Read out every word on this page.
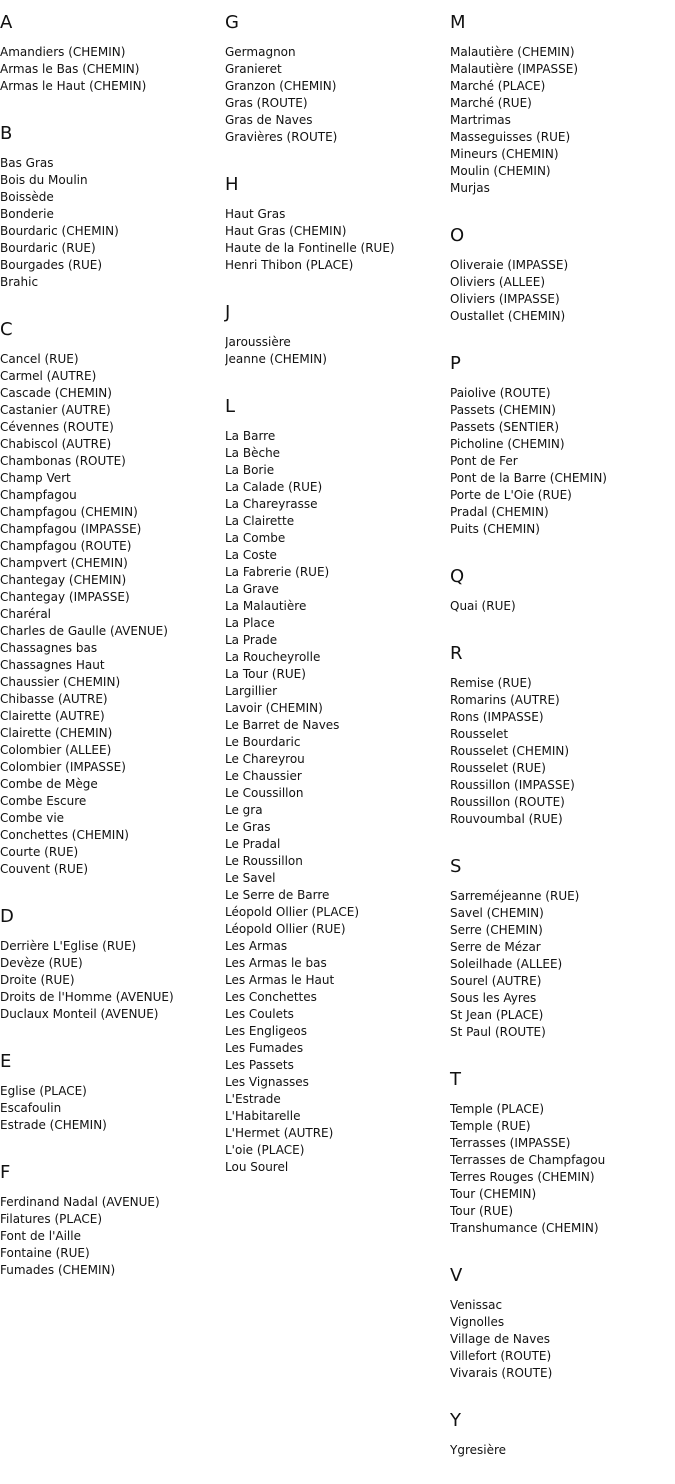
A
Amandiers (CHEMIN)
Armas le Bas (CHEMIN)
Armas le Haut (CHEMIN)
B
Bas Gras
Bois du Moulin
Boissède
Bonderie
Bourdaric (CHEMIN)
Bourdaric (RUE)
Bourgades (RUE)
Brahic
C
Cancel (RUE)
Carmel (AUTRE)
Cascade (CHEMIN)
Castanier (AUTRE)
Cévennes (ROUTE)
Chabiscol (AUTRE)
Chambonas (ROUTE)
Champ Vert
Champfagou
Champfagou (CHEMIN)
Champfagou (IMPASSE)
Champfagou (ROUTE)
Champvert (CHEMIN)
Chantegay (CHEMIN)
Chantegay (IMPASSE)
Charéral
Charles de Gaulle (AVENUE)
Chassagnes bas
Chassagnes Haut
Chaussier (CHEMIN)
Chibasse (AUTRE)
Clairette (AUTRE)
Clairette (CHEMIN)
Colombier (ALLEE)
Colombier (IMPASSE)
Combe de Mège
Combe Escure
Combe vie
Conchettes (CHEMIN)
Courte (RUE)
Couvent (RUE)
D
Derrière L'Eglise (RUE)
Devèze (RUE)
Droite (RUE)
Droits de l'Homme (AVENUE)
Duclaux Monteil (AVENUE)
E
Eglise (PLACE)
Escafoulin
Estrade (CHEMIN)
F
Ferdinand Nadal (AVENUE)
Filatures (PLACE)
Font de l'Aille
Fontaine (RUE)
Fumades (CHEMIN)
G
Germagnon
Granieret
Granzon (CHEMIN)
Gras (ROUTE)
Gras de Naves
Gravières (ROUTE)
H
Haut Gras
Haut Gras (CHEMIN)
Haute de la Fontinelle (RUE)
Henri Thibon (PLACE)
J
Jaroussière
Jeanne (CHEMIN)
L
La Barre
La Bèche
La Borie
La Calade (RUE)
La Chareyrasse
La Clairette
La Combe
La Coste
La Fabrerie (RUE)
La Grave
La Malautière
La Place
La Prade
La Roucheyrolle
La Tour (RUE)
Largillier
Lavoir (CHEMIN)
Le Barret de Naves
Le Bourdaric
Le Chareyrou
Le Chaussier
Le Coussillon
Le gra
Le Gras
Le Pradal
Le Roussillon
Le Savel
Le Serre de Barre
Léopold Ollier (PLACE)
Léopold Ollier (RUE)
Les Armas
Les Armas le bas
Les Armas le Haut
Les Conchettes
Les Coulets
Les Engligeos
Les Fumades
Les Passets
Les Vignasses
L'Estrade
L'Habitarelle
L'Hermet (AUTRE)
L'oie (PLACE)
Lou Sourel
M
Malautière (CHEMIN)
Malautière (IMPASSE)
Marché (PLACE)
Marché (RUE)
Martrimas
Masseguisses (RUE)
Mineurs (CHEMIN)
Moulin (CHEMIN)
Murjas
O
Oliveraie (IMPASSE)
Oliviers (ALLEE)
Oliviers (IMPASSE)
Oustallet (CHEMIN)
P
Paiolive (ROUTE)
Passets (CHEMIN)
Passets (SENTIER)
Picholine (CHEMIN)
Pont de Fer
Pont de la Barre (CHEMIN)
Porte de L'Oie (RUE)
Pradal (CHEMIN)
Puits (CHEMIN)
Q
Quai (RUE)
R
Remise (RUE)
Romarins (AUTRE)
Rons (IMPASSE)
Rousselet
Rousselet (CHEMIN)
Rousselet (RUE)
Roussillon (IMPASSE)
Roussillon (ROUTE)
Rouvoumbal (RUE)
S
Sarreméjeanne (RUE)
Savel (CHEMIN)
Serre (CHEMIN)
Serre de Mézar
Soleilhade (ALLEE)
Sourel (AUTRE)
Sous les Ayres
St Jean (PLACE)
St Paul (ROUTE)
T
Temple (PLACE)
Temple (RUE)
Terrasses (IMPASSE)
Terrasses de Champfagou
Terres Rouges (CHEMIN)
Tour (CHEMIN)
Tour (RUE)
Transhumance (CHEMIN)
V
Venissac
Vignolles
Village de Naves
Villefort (ROUTE)
Vivarais (ROUTE)
Y
Ygresière
